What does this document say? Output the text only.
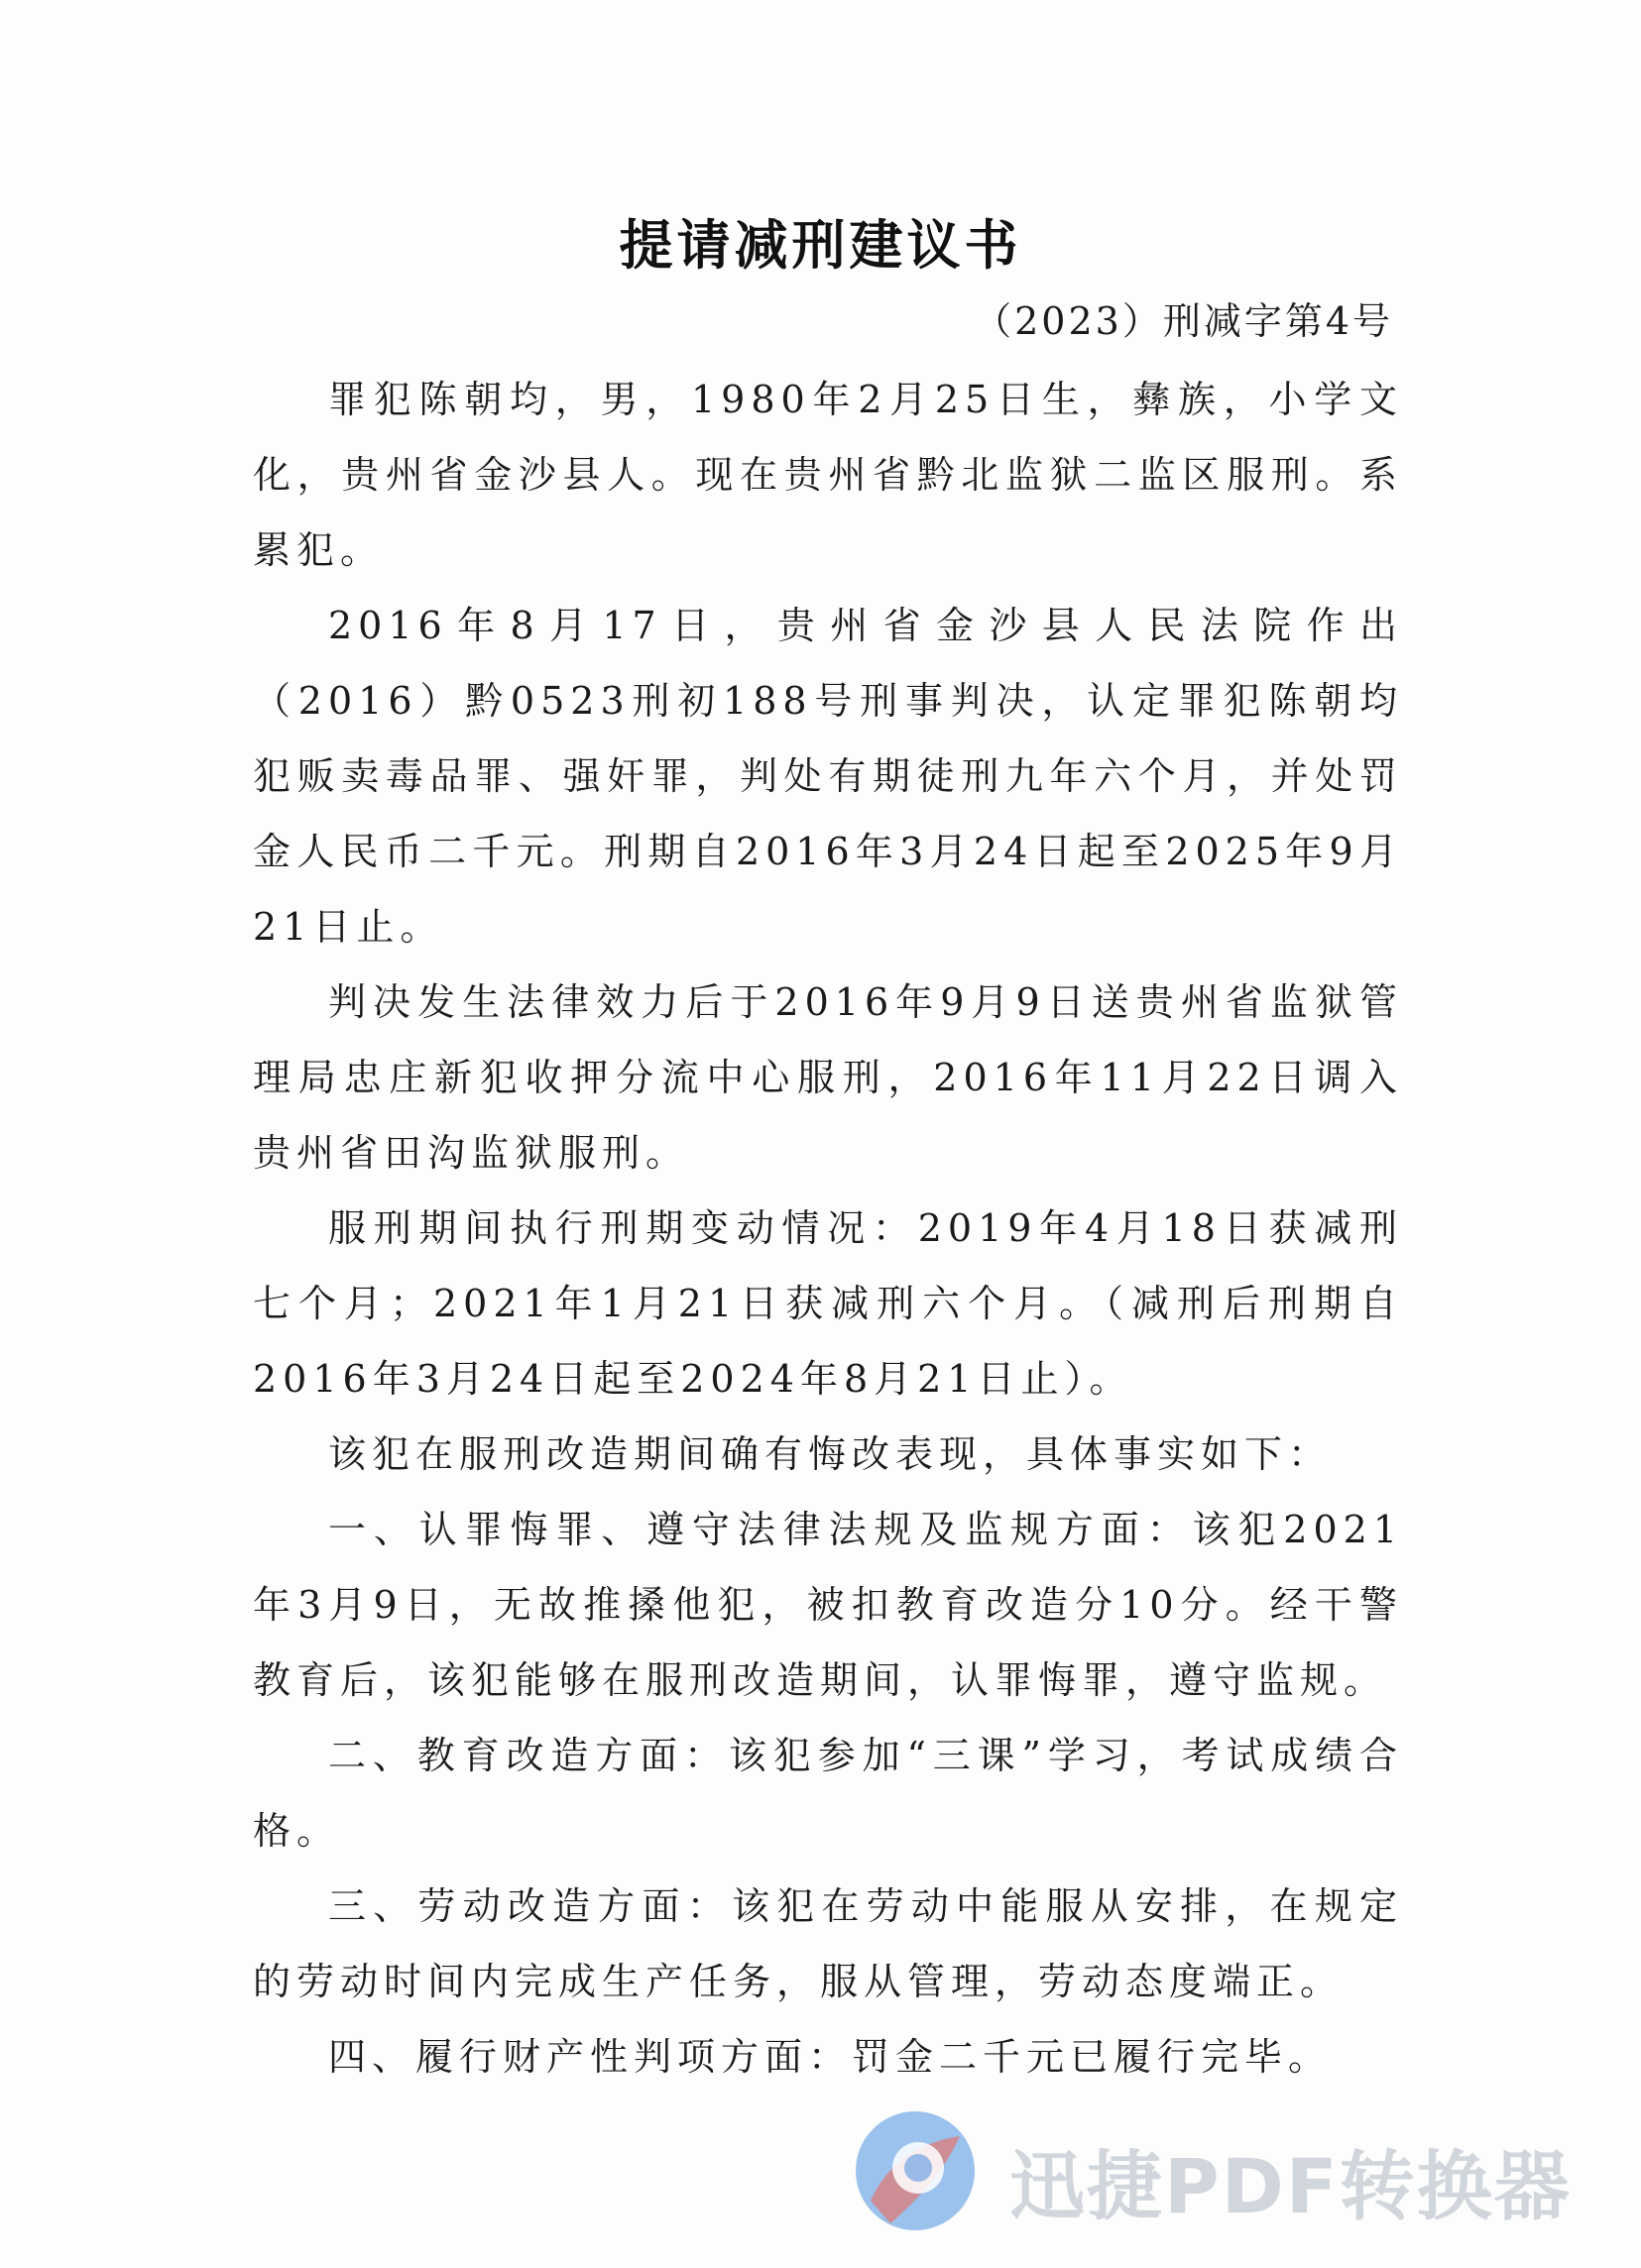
提请减刑建议书
（2023）刑减字第4号

罪犯陈朝均，男，1980年2月25日生，彝族，小学文化，贵州省金沙县人。现在贵州省黔北监狱二监区服刑。系累犯。

2016年8月17日，贵州省金沙县人民法院作出（2016）黔0523刑初188号刑事判决，认定罪犯陈朝均犯贩卖毒品罪、强奸罪，判处有期徒刑九年六个月，并处罚金人民币二千元。刑期自2016年3月24日起至2025年9月21日止。

判决发生法律效力后于2016年9月9日送贵州省监狱管理局忠庄新犯收押分流中心服刑，2016年11月22日调入贵州省田沟监狱服刑。

服刑期间执行刑期变动情况：2019年4月18日获减刑七个月；2021年1月21日获减刑六个月。（减刑后刑期自2016年3月24日起至2024年8月21日止）。

该犯在服刑改造期间确有悔改表现，具体事实如下：

一、认罪悔罪、遵守法律法规及监规方面：该犯2021年3月9日，无故推搡他犯，被扣教育改造分10分。经干警教育后，该犯能够在服刑改造期间，认罪悔罪，遵守监规。

二、教育改造方面：该犯参加“三课”学习，考试成绩合格。

三、劳动改造方面：该犯在劳动中能服从安排，在规定的劳动时间内完成生产任务，服从管理，劳动态度端正。

四、履行财产性判项方面：罚金二千元已履行完毕。

迅捷PDF转换器
